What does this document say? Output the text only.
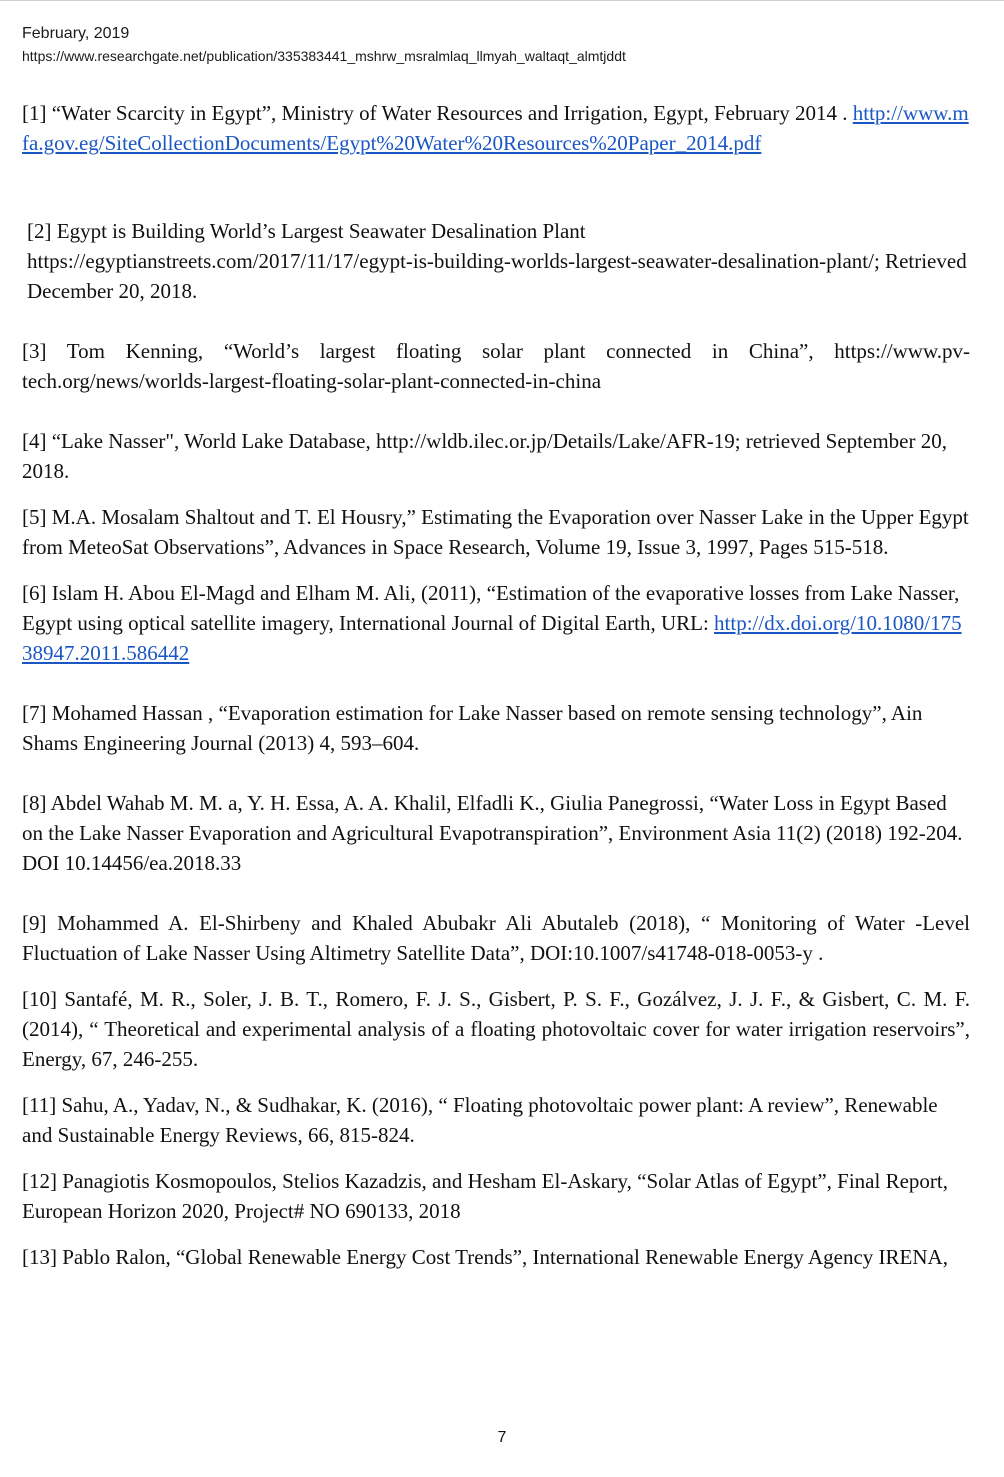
February, 2019
https://www.researchgate.net/publication/335383441_mshrw_msralmlaq_llmyah_waltaqt_almtjddt

[1] “Water Scarcity in Egypt”, Ministry of Water Resources and Irrigation, Egypt, February 2014 . http://www.mfa.gov.eg/SiteCollectionDocuments/Egypt%20Water%20Resources%20Paper_2014.pdf

[2] Egypt is Building World’s Largest Seawater Desalination Plant https://egyptianstreets.com/2017/11/17/egypt-is-building-worlds-largest-seawater-desalination-plant/; Retrieved December 20, 2018.

[3] Tom Kenning, “World’s largest floating solar plant connected in China”, https://www.pv-tech.org/news/worlds-largest-floating-solar-plant-connected-in-china

[4] “Lake Nasser", World Lake Database, http://wldb.ilec.or.jp/Details/Lake/AFR-19; retrieved September 20, 2018.

[5] M.A. Mosalam Shaltout and T. El Housry,” Estimating the Evaporation over Nasser Lake in the Upper Egypt from MeteoSat Observations”, Advances in Space Research, Volume 19, Issue 3, 1997, Pages 515-518.

[6] Islam H. Abou El-Magd and Elham M. Ali, (2011), “Estimation of the evaporative losses from Lake Nasser, Egypt using optical satellite imagery, International Journal of Digital Earth, URL: http://dx.doi.org/10.1080/17538947.2011.586442

[7] Mohamed Hassan , “Evaporation estimation for Lake Nasser based on remote sensing technology”, Ain Shams Engineering Journal (2013) 4, 593–604.

[8] Abdel Wahab M. M. a, Y. H. Essa, A. A. Khalil, Elfadli K., Giulia Panegrossi, “Water Loss in Egypt Based on the Lake Nasser Evaporation and Agricultural Evapotranspiration”, Environment Asia 11(2) (2018) 192-204. DOI 10.14456/ea.2018.33

[9] Mohammed A. El-Shirbeny and Khaled Abubakr Ali Abutaleb (2018), “ Monitoring of Water -Level Fluctuation of Lake Nasser Using Altimetry Satellite Data”, DOI:10.1007/s41748-018-0053-y .

[10] Santafé, M. R., Soler, J. B. T., Romero, F. J. S., Gisbert, P. S. F., Gozálvez, J. J. F., & Gisbert, C. M. F. (2014), “ Theoretical and experimental analysis of a floating photovoltaic cover for water irrigation reservoirs”, Energy, 67, 246-255.

[11] Sahu, A., Yadav, N., & Sudhakar, K. (2016), “ Floating photovoltaic power plant: A review”, Renewable and Sustainable Energy Reviews, 66, 815-824.

[12] Panagiotis Kosmopoulos, Stelios Kazadzis, and Hesham El-Askary, “Solar Atlas of Egypt”, Final Report, European Horizon 2020, Project# NO 690133, 2018

[13] Pablo Ralon, “Global Renewable Energy Cost Trends”, International Renewable Energy Agency IRENA,

7
